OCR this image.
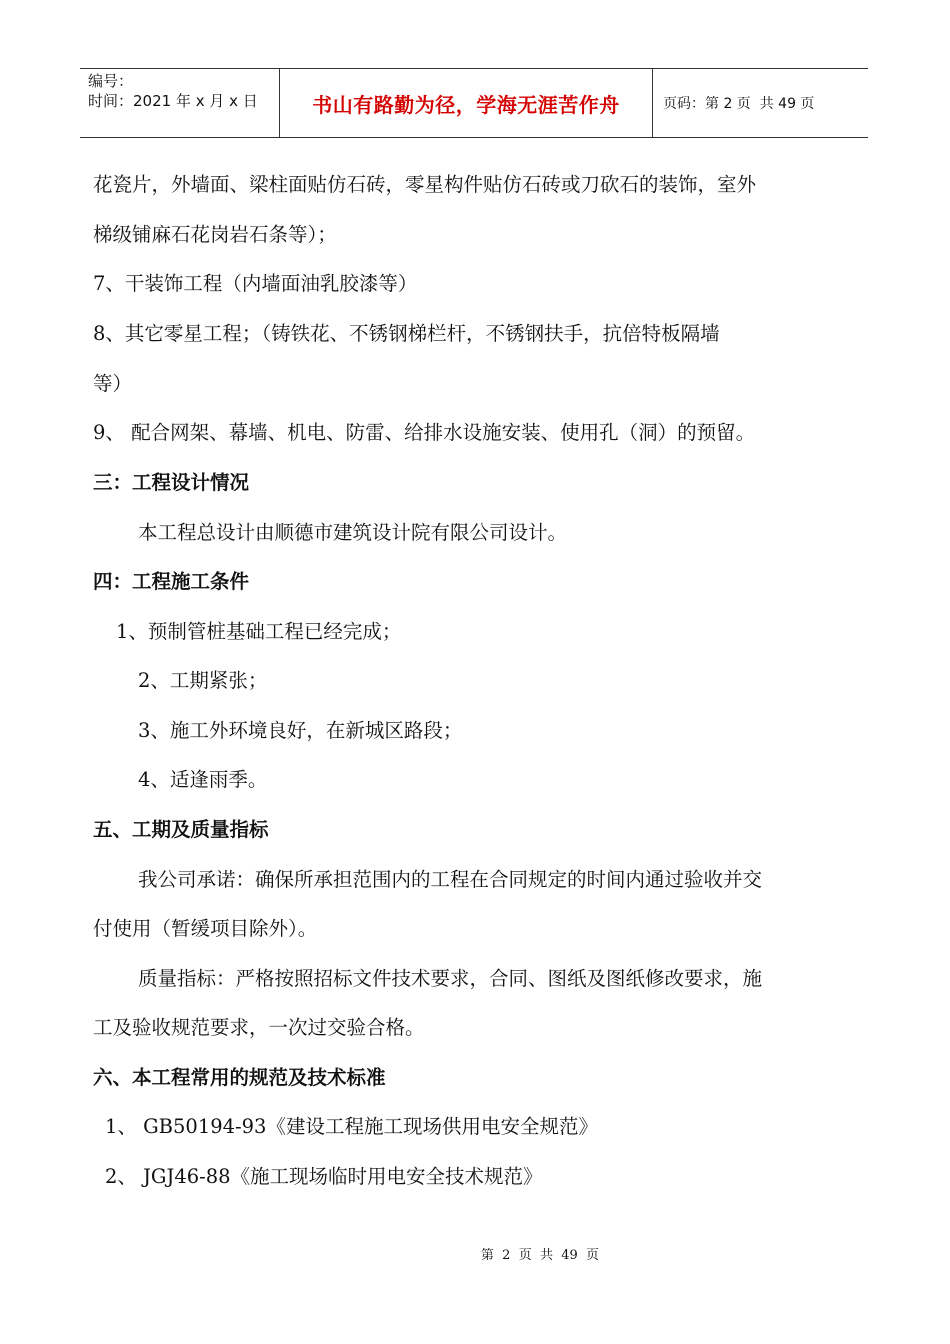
编号：
时间：2021 年 x 月 x 日	书山有路勤为径，学海无涯苦作舟	页码：第 2 页  共 49 页
花瓷片，外墙面、梁柱面贴仿石砖，零星构件贴仿石砖或刀砍石的装饰，室外
梯级铺麻石花岗岩石条等）；
7、干装饰工程（内墙面油乳胶漆等）
8、其它零星工程；（铸铁花、不锈钢梯栏杆，不锈钢扶手，抗倍特板隔墙
等）
9、 配合网架、幕墙、机电、防雷、给排水设施安装、使用孔（洞）的预留。
三：工程设计情况
本工程总设计由顺德市建筑设计院有限公司设计。
四：工程施工条件
1、预制管桩基础工程已经完成；
2、工期紧张；
3、施工外环境良好，在新城区路段；
4、适逢雨季。
五、工期及质量指标
我公司承诺：确保所承担范围内的工程在合同规定的时间内通过验收并交
付使用（暂缓项目除外）。
质量指标：严格按照招标文件技术要求，合同、图纸及图纸修改要求，施
工及验收规范要求，一次过交验合格。
六、本工程常用的规范及技术标准
1、 GB50194-93《建设工程施工现场供用电安全规范》
2、 JGJ46-88《施工现场临时用电安全技术规范》
第  2  页  共  49  页
